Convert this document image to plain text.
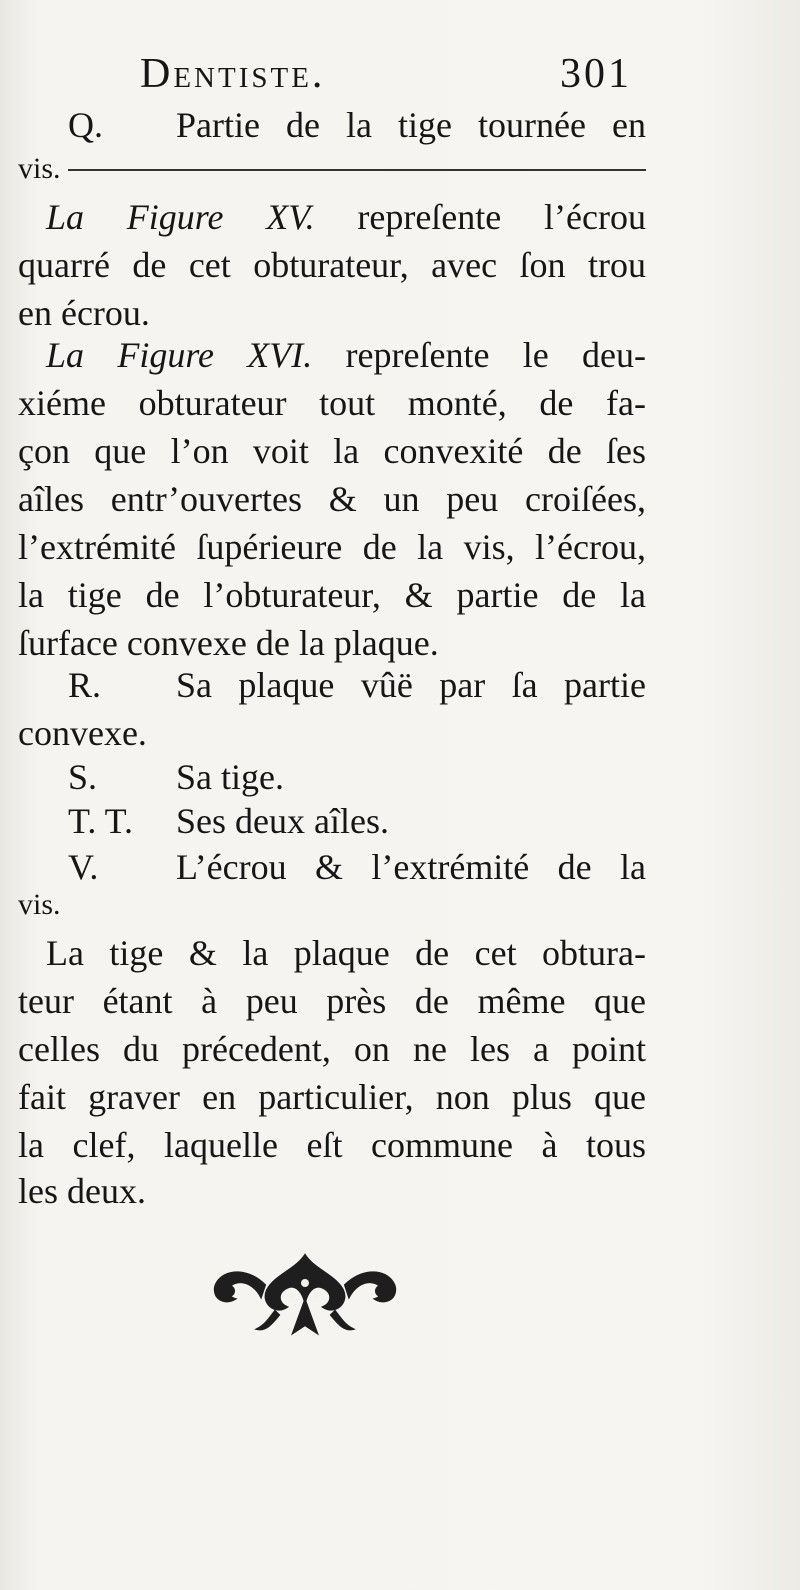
Dentiste.	301
Q. Partie de la tige tournée en
vis.
La Figure XV. repreſente l’écrou
quarré de cet obturateur, avec ſon trou
en écrou.
La Figure XVI. repreſente le deu-
xiéme obturateur tout monté, de fa-
çon que l’on voit la convexité de ſes
aîles entr’ouvertes & un peu croiſées,
l’extrémité ſupérieure de la vis, l’écrou,
la tige de l’obturateur, & partie de la
ſurface convexe de la plaque.
R. Sa plaque vûë par ſa partie
convexe.
S. Sa tige.
T. T. Ses deux aîles.
V. L’écrou & l’extrémité de la
vis.
La tige & la plaque de cet obtura-
teur étant à peu près de même que
celles du précedent, on ne les a point
fait graver en particulier, non plus que
la clef, laquelle eſt commune à tous
les deux.
